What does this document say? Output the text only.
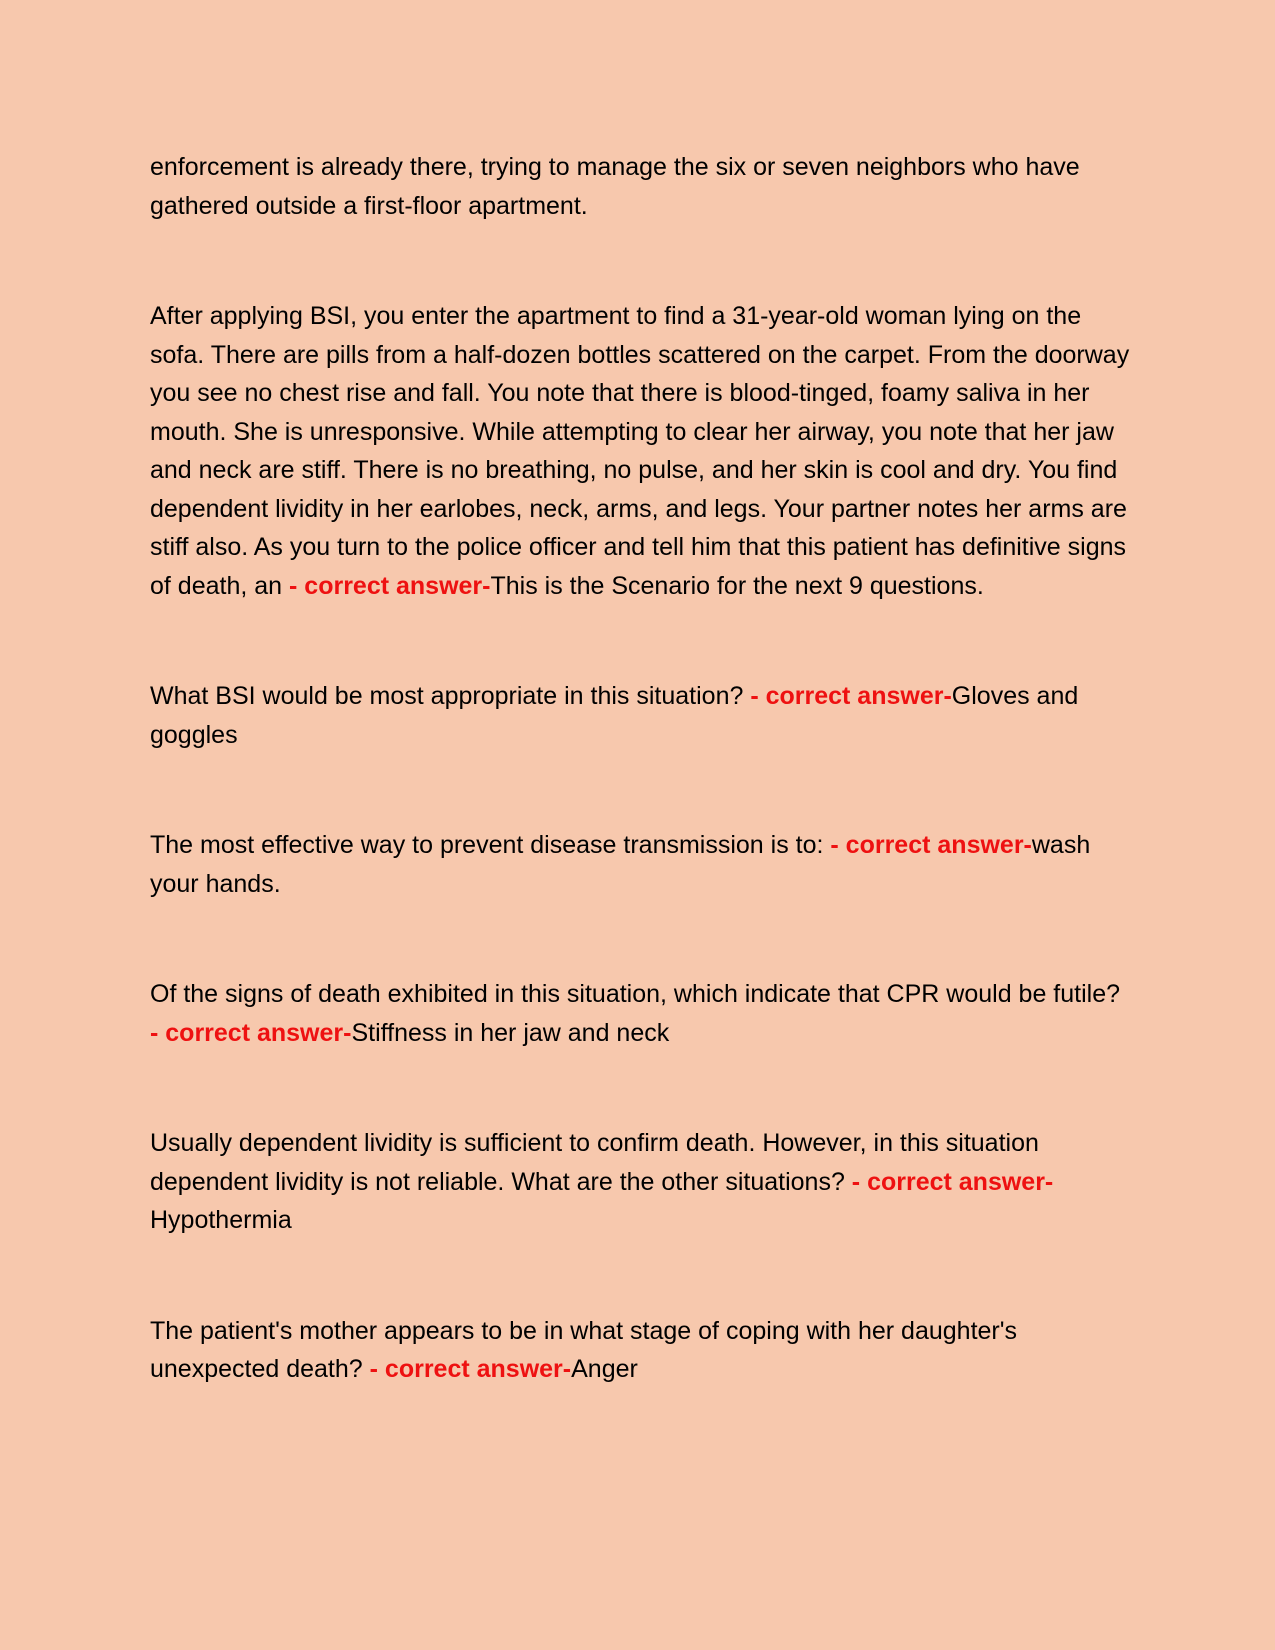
enforcement is already there, trying to manage the six or seven neighbors who have gathered outside a first-floor apartment.

After applying BSI, you enter the apartment to find a 31-year-old woman lying on the sofa. There are pills from a half-dozen bottles scattered on the carpet. From the doorway you see no chest rise and fall. You note that there is blood-tinged, foamy saliva in her mouth. She is unresponsive. While attempting to clear her airway, you note that her jaw and neck are stiff. There is no breathing, no pulse, and her skin is cool and dry. You find dependent lividity in her earlobes, neck, arms, and legs. Your partner notes her arms are stiff also. As you turn to the police officer and tell him that this patient has definitive signs of death, an - correct answer-This is the Scenario for the next 9 questions.

What BSI would be most appropriate in this situation? - correct answer-Gloves and goggles

The most effective way to prevent disease transmission is to: - correct answer-wash your hands.

Of the signs of death exhibited in this situation, which indicate that CPR would be futile? - correct answer-Stiffness in her jaw and neck

Usually dependent lividity is sufficient to confirm death. However, in this situation dependent lividity is not reliable. What are the other situations? - correct answer-Hypothermia

The patient's mother appears to be in what stage of coping with her daughter's unexpected death? - correct answer-Anger
